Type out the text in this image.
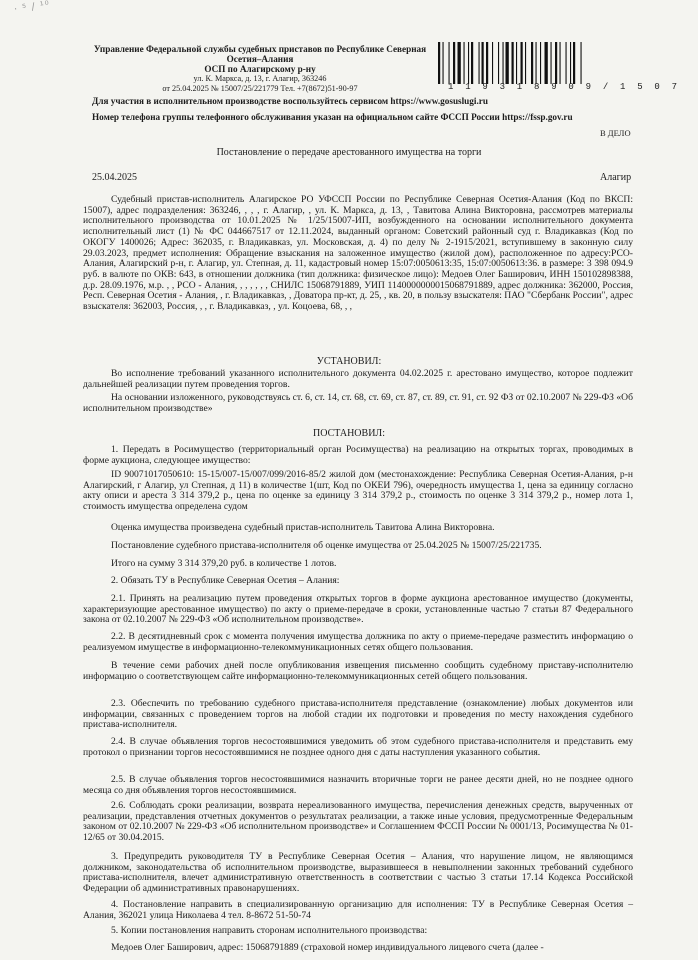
· ⁵ / ¹⁰
Управление Федеральной службы судебных приставов по Республике Северная
Осетия–Алания
ОСП по Алагирскому р-ну
ул. К. Маркса, д. 13, г. Алагир, 363246
от 25.04.2025 № 15007/25/221779 Тел. +7(8672)51-90-97	1 1 9 3 1 8 9 0 9 / 1 5 0 7
Для участия в исполнительном производстве воспользуйтесь сервисом https://www.gosuslugi.ru
Номер телефона группы телефонного обслуживания указан на официальном сайте ФССП России https://fssp.gov.ru
В ДЕЛО
Постановление о передаче арестованного имущества на торги
25.04.2025	Алагир
Судебный пристав-исполнитель Алагирское РО УФССП России по Республике Северная Осетия-Алания (Код по ВКСП: 15007), адрес подразделения: 363246, , , , г. Алагир, , ул. К. Маркса, д. 13, , Тавитова Алина Викторовна, рассмотрев материалы исполнительного производства от 10.01.2025 № 1/25/15007-ИП, возбужденного на основании исполнительного документа исполнительный лист (1) № ФС 044667517 от 12.11.2024, выданный органом: Советский районный суд г. Владикавказ (Код по ОКОГУ 1400026; Адрес: 362035, г. Владикавказ, ул. Московская, д. 4) по делу № 2-1915/2021, вступившему в законную силу 29.03.2023, предмет исполнения: Обращение взыскания на заложенное имущество (жилой дом), расположенное по адресу:РСО-Алания, Алагирский р-н, г. Алагир, ул. Степная, д. 11, кадастровый номер 15:07:0050613:35, 15:07:0050613:36. в размере: 3 398 094.9 руб. в валюте по ОКВ: 643, в отношении должника (тип должника: физическое лицо): Медоев Олег Баширович, ИНН 150102898388, д.р. 28.09.1976, м.р. , , РСО - Алания, , , , , , , СНИЛС 15068791889, УИП 114000000001506879188​9, адрес должника: 362000, Россия, Респ. Северная Осетия - Алания, , г. Владикавказ, , Доватора пр-кт, д. 25, , кв. 20, в пользу взыскателя: ПАО "Сбербанк России", адрес взыскателя: 362003, Россия, , , г. Владикавказ, , ул. Коцоева, 68, , ,
УСТАНОВИЛ:
Во исполнение требований указанного исполнительного документа 04.02.2025 г. арестовано имущество, которое подлежит дальнейшей реализации путем проведения торгов.
На основании изложенного, руководствуясь ст. 6, ст. 14, ст. 68, ст. 69, ст. 87, ст. 89, ст. 91, ст. 92 ФЗ от 02.10.2007 № 229-ФЗ «Об исполнительном производстве»
ПОСТАНОВИЛ:
1. Передать в Росимущество (территориальный орган Росимущества) на реализацию на открытых торгах, проводимых в форме аукциона, следующее имущество:
ID 90071017050610: 15-15/007-15/007/099/2016-85/2 жилой дом (местонахождение: Республика Северная Осетия-Алания, р-н Алагирский, г Алагир, ул Степная, д 11) в количестве 1(шт, Код по ОКЕИ 796), очередность имущества 1, цена за единицу согласно акту описи и ареста 3 314 379,2 р., цена по оценке за единицу 3 314 379,2 р., стоимость по оценке 3 314 379,2 р., номер лота 1, стоимость имущества определена судом
Оценка имущества произведена судебный пристав-исполнитель Тавитова Алина Викторовна.
Постановление судебного пристава-исполнителя об оценке имущества от 25.04.2025 № 15007/25/221735.
Итого на сумму 3 314 379,20 руб. в количестве 1 лотов.
2. Обязать ТУ в Республике Северная Осетия – Алания:
2.1. Принять на реализацию путем проведения открытых торгов в форме аукциона арестованное имущество (документы, характеризующие арестованное имущество) по акту о приеме-передаче в сроки, установленные частью 7 статьи 87 Федерального закона от 02.10.2007 № 229-ФЗ «Об исполнительном производстве».
2.2. В десятидневный срок с момента получения имущества должника по акту о приеме-передаче разместить информацию о реализуемом имуществе в информационно-телекоммуникационных сетях общего пользования.
В течение семи рабочих дней после опубликования извещения письменно сообщить судебному приставу-исполнителю информацию о соответствующем сайте информационно-телекоммуникационных сетей общего пользования.
2.3. Обеспечить по требованию судебного пристава-исполнителя представление (ознакомление) любых документов или информации, связанных с проведением торгов на любой стадии их подготовки и проведения по месту нахождения судебного пристава-исполнителя.
2.4. В случае объявления торгов несостоявшимися уведомить об этом судебного пристава-исполнителя и представить ему протокол о признании торгов несостоявшимися не позднее одного дня с даты наступления указанного события.
2.5. В случае объявления торгов несостоявшимися назначить вторичные торги не ранее десяти дней, но не позднее одного месяца со дня объявления торгов несостоявшимися.
2.6. Соблюдать сроки реализации, возврата нереализованного имущества, перечисления денежных средств, вырученных от реализации, представления отчетных документов о результатах реализации, а также иные условия, предусмотренные Федеральным законом от 02.10.2007 № 229-ФЗ «Об исполнительном производстве» и Соглашением ФССП России № 0001/13, Росимущества № 01-12/65 от 30.04.2015.
3. Предупредить руководителя ТУ в Республике Северная Осетия – Алания, что нарушение лицом, не являющимся должником, законодательства об исполнительном производстве, выразившееся в невыполнении законных требований судебного пристава-исполнителя, влечет административную ответственность в соответствии с частью 3 статьи 17.14 Кодекса Российской Федерации об административных правонарушениях.
4. Постановление направить в специализированную организацию для исполнения: ТУ в Республике Северная Осетия – Алания, 362021 улица Николаева 4 тел. 8-8672 51-50-74
5. Копии постановления направить сторонам исполнительного производства:
Медоев Олег Баширович, адрес: 15068791889 (страховой номер индивидуального лицевого счета (далее -
